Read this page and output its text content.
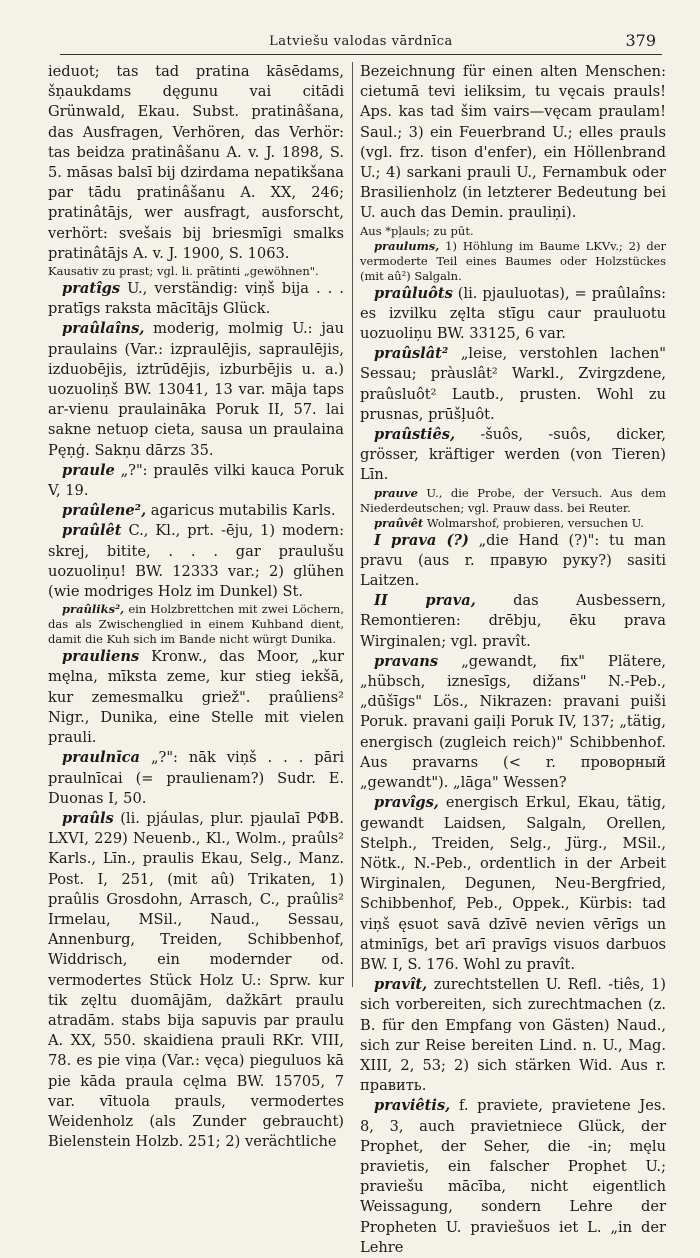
Latviešu valodas vārdnīca	379

ieduot; tas tad pratina kāsēdams, šņaukdams dęgunu vai citādi Grünwald, Ekau. Subst. pratinâšana, das Ausfragen, Verhören, das Verhör: tas beidza pratinâšanu A. v. J. 1898, S. 5. māsas balsī bij dzirdama nepatikšana par tādu pratinâšanu A. XX, 246; pratinâtājs, wer ausfragt, ausforscht, verhört: svešais bij briesmīgi smalks pratinâtājs A. v. J. 1900, S. 1063.

Kausativ zu prast; vgl. li. prãtinti „gewöhnen".

pratîgs U., verständig: viņš bija . . . pratīgs raksta mācītājs Glück.

praûlaîns, moderig, molmig U.: jau praulains (Var.: izpraulējis, sapraulējis, izduobējis, iztrūdējis, izburbējis u. a.) uozuoliņš BW. 13041, 13 var. māja taps ar-vienu praulaināka Poruk II, 57. lai sakne netuop cieta, sausa un praulaina Pęņģ. Sakņu dārzs 35.

praule „?": praulēs vilki kauca Poruk V, 19.

praûlene², agaricus mutabilis Karls.

praûlêt C., Kl., prt. -ēju, 1) modern: skrej, bitite, . . . gar praulušu uozuoliņu! BW. 12333 var.; 2) glühen (wie modriges Holz im Dunkel) St.

praûliks², ein Holzbrettchen mit zwei Löchern, das als Zwischenglied in einem Kuhband dient, damit die Kuh sich im Bande nicht würgt Dunika.

prauliens Kronw., das Moor, „kur męlna, mīksta zeme, kur stieg iekšā, kur zemesmalku griež". praûliens² Nigr., Dunika, eine Stelle mit vielen prauli.

praulnīca „?": nāk viņš . . . pāri praulnīcai (= praulienam?) Sudr. E. Duonas I, 50.

praûls (li. pjáulas, plur. pjaulaī PФB. LXVI, 229) Neuenb., Kl., Wolm., praûls² Karls., Līn., praulis Ekau, Selg., Manz. Post. I, 251, (mit aû) Trikaten, 1) praûlis Grosdohn, Arrasch, C., praûlis² Irmelau, MSil., Naud., Sessau, Annenburg, Treiden, Schibbenhof, Widdrisch, ein modernder od. vermodertes Stück Holz U.: Sprw. kur tik zęltu duomājām, dažkārt praulu atradām. stabs bija sapuvis par praulu A. XX, 550. skaidiena prauli RKr. VIII, 78. es pie viņa (Var.: vęca) pieguluos kā pie kāda praula cęlma BW. 15705, 7 var. vītuola prauls, vermodertes Weidenholz (als Zunder gebraucht) Bielenstein Holzb. 251; 2) verächtliche

Bezeichnung für einen alten Menschen: cietumā tevi ieliksim, tu vęcais prauls! Aps. kas tad šim vairs—vęcam praulam! Saul.; 3) ein Feuerbrand U.; elles prauls (vgl. frz. tison d'enfer), ein Höllenbrand U.; 4) sarkani prauli U., Fernambuk oder Brasilienholz (in letzterer Bedeutung bei U. auch das Demin. prauliņi).

Aus *pļauls; zu pūt.

praulums, 1) Höhlung im Baume LKVv.; 2) der vermoderte Teil eines Baumes oder Holzstückes (mit aû²) Salgaln.

praûluôts (li. pjauluotas), = praûlaîns: es izvilku zęlta stīgu caur prauluotu uozuoliņu BW. 33125, 6 var.

praûslât² „leise, verstohlen lachen" Sessau; pràuslât² Warkl., Zvirgzdene, praûsluôt² Lautb., prusten. Wohl zu prusnas, prūšļuôt.

praûstiês, -šuôs, -suôs, dicker, grösser, kräftiger werden (von Tieren) Līn.

prauve U., die Probe, der Versuch. Aus dem Niederdeutschen; vgl. Prauw dass. bei Reuter.

praûvêt Wolmarshof, probieren, versuchen U.

I prava (?) „die Hand (?)": tu man pravu (aus r. правую руку?) sasiti Laitzen.

II prava, das Ausbessern, Remontieren: drēbju, ēku prava Wirginalen; vgl. pravît.

pravans „gewandt, fix" Plätere, „hübsch, iznesīgs, dižans" N.-Peb., „dūšīgs" Lös., Nikrazen: pravani puiši Poruk. pravani gaiļi Poruk IV, 137; „tätig, energisch (zugleich reich)" Schibbenhof. Aus pravarns (< r. проворный „gewandt"). „lāga" Wessen?

pravîgs, energisch Erkul, Ekau, tätig, gewandt Laidsen, Salgaln, Orellen, Stelph., Treiden, Selg., Jürg., MSil., Nötk., N.-Peb., ordentlich in der Arbeit Wirginalen, Degunen, Neu-Bergfried, Schibbenhof, Peb., Oppek., Kürbis: tad viņš ęsuot savā dzīvē nevien vērīgs un atminīgs, bet arī pravīgs visuos darbuos BW. I, S. 176. Wohl zu pravît.

pravît, zurechtstellen U. Refl. -tiês, 1) sich vorbereiten, sich zurechtmachen (z. B. für den Empfang von Gästen) Naud., sich zur Reise bereiten Lind. n. U., Mag. XIII, 2, 53; 2) sich stärken Wid. Aus r. править.

praviêtis, f. praviete, pravietene Jes. 8, 3, auch pravietniece Glück, der Prophet, der Seher, die -in; męlu pravietis, ein falscher Prophet U.; praviešu mācība, nicht eigentlich Weissagung, sondern Lehre der Propheten U. praviešuos iet L. „in der Lehre
